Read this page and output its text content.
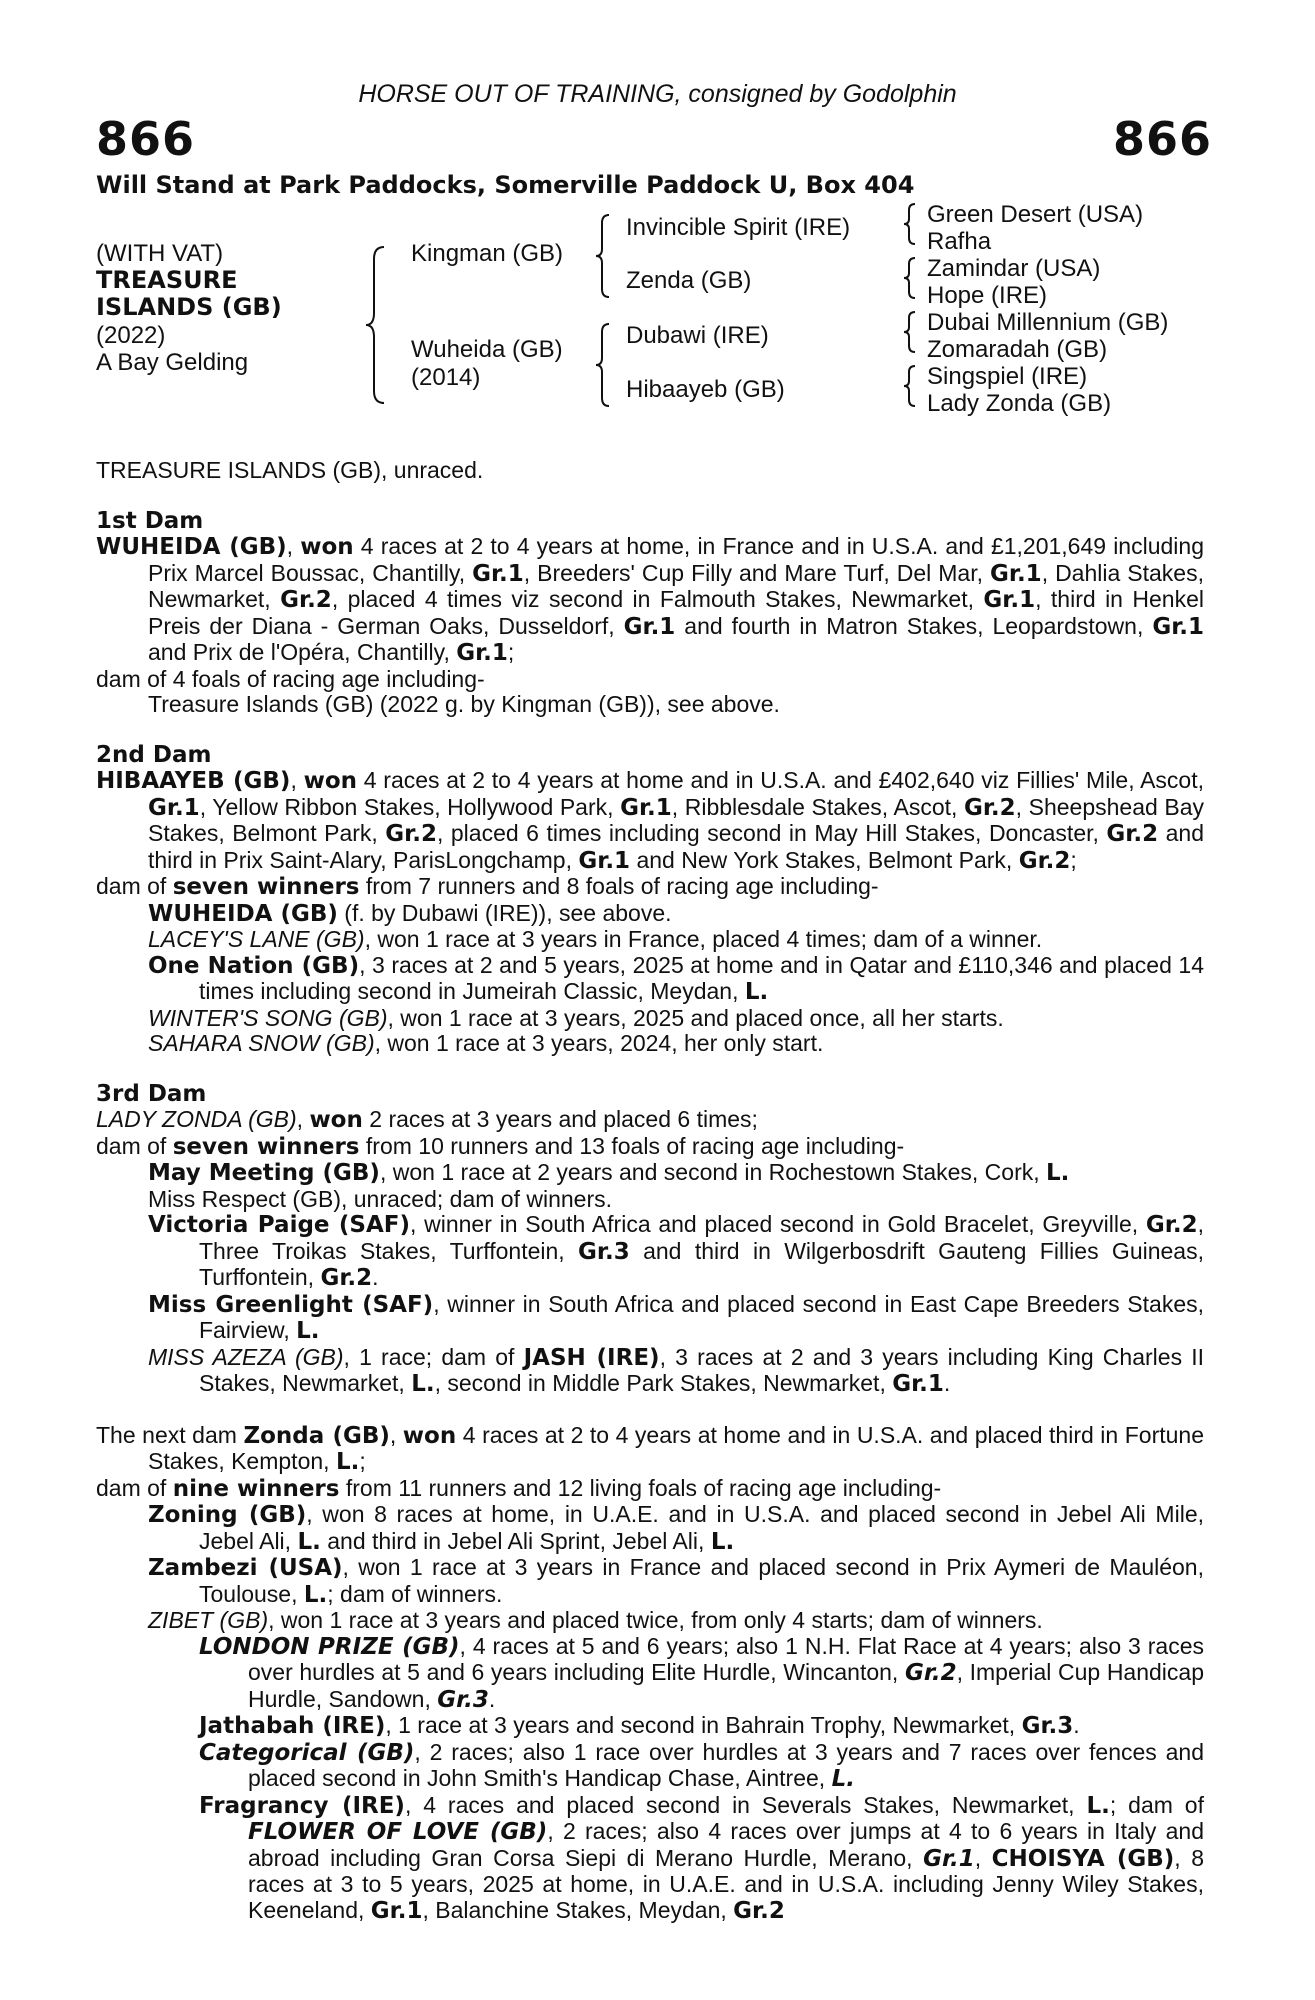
HORSE OUT OF TRAINING, consigned by Godolphin
866	866
Will Stand at Park Paddocks, Somerville Paddock U, Box 404
(WITH VAT)
TREASURE
ISLANDS (GB)
(2022)
A Bay Gelding
Kingman (GB)
Wuheida (GB)
(2014)
Invincible Spirit (IRE)
Zenda (GB)
Dubawi (IRE)
Hibaayeb (GB)
Green Desert (USA)
Rafha
Zamindar (USA)
Hope (IRE)
Dubai Millennium (GB)
Zomaradah (GB)
Singspiel (IRE)
Lady Zonda (GB)

TREASURE ISLANDS (GB), unraced.

1st Dam

WUHEIDA (GB), won 4 races at 2 to 4 years at home, in France and in U.S.A. and £1,201,649 including Prix Marcel Boussac, Chantilly, Gr.1, Breeders' Cup Filly and Mare Turf, Del Mar, Gr.1, Dahlia Stakes, Newmarket, Gr.2, placed 4 times viz second in Falmouth Stakes, Newmarket, Gr.1, third in Henkel Preis der Diana - German Oaks, Dusseldorf, Gr.1 and fourth in Matron Stakes, Leopardstown, Gr.1 and Prix de l'Opéra, Chantilly, Gr.1;

dam of 4 foals of racing age including-

Treasure Islands (GB) (2022 g. by Kingman (GB)), see above.

2nd Dam

HIBAAYEB (GB), won 4 races at 2 to 4 years at home and in U.S.A. and £402,640 viz Fillies' Mile, Ascot, Gr.1, Yellow Ribbon Stakes, Hollywood Park, Gr.1, Ribblesdale Stakes, Ascot, Gr.2, Sheepshead Bay Stakes, Belmont Park, Gr.2, placed 6 times including second in May Hill Stakes, Doncaster, Gr.2 and third in Prix Saint-Alary, ParisLongchamp, Gr.1 and New York Stakes, Belmont Park, Gr.2;

dam of seven winners from 7 runners and 8 foals of racing age including-

WUHEIDA (GB) (f. by Dubawi (IRE)), see above.

LACEY'S LANE (GB), won 1 race at 3 years in France, placed 4 times; dam of a winner.

One Nation (GB), 3 races at 2 and 5 years, 2025 at home and in Qatar and £110,346 and placed 14 times including second in Jumeirah Classic, Meydan, L.

WINTER'S SONG (GB), won 1 race at 3 years, 2025 and placed once, all her starts.

SAHARA SNOW (GB), won 1 race at 3 years, 2024, her only start.

3rd Dam

LADY ZONDA (GB), won 2 races at 3 years and placed 6 times;

dam of seven winners from 10 runners and 13 foals of racing age including-

May Meeting (GB), won 1 race at 2 years and second in Rochestown Stakes, Cork, L.

Miss Respect (GB), unraced; dam of winners.

Victoria Paige (SAF), winner in South Africa and placed second in Gold Bracelet, Greyville, Gr.2, Three Troikas Stakes, Turffontein, Gr.3 and third in Wilgerbosdrift Gauteng Fillies Guineas, Turffontein, Gr.2.

Miss Greenlight (SAF), winner in South Africa and placed second in East Cape Breeders Stakes, Fairview, L.

MISS AZEZA (GB), 1 race; dam of JASH (IRE), 3 races at 2 and 3 years including King Charles II Stakes, Newmarket, L., second in Middle Park Stakes, Newmarket, Gr.1.

The next dam Zonda (GB), won 4 races at 2 to 4 years at home and in U.S.A. and placed third in Fortune Stakes, Kempton, L.;

dam of nine winners from 11 runners and 12 living foals of racing age including-

Zoning (GB), won 8 races at home, in U.A.E. and in U.S.A. and placed second in Jebel Ali Mile, Jebel Ali, L. and third in Jebel Ali Sprint, Jebel Ali, L.

Zambezi (USA), won 1 race at 3 years in France and placed second in Prix Aymeri de Mauléon, Toulouse, L.; dam of winners.

ZIBET (GB), won 1 race at 3 years and placed twice, from only 4 starts; dam of winners.

LONDON PRIZE (GB), 4 races at 5 and 6 years; also 1 N.H. Flat Race at 4 years; also 3 races over hurdles at 5 and 6 years including Elite Hurdle, Wincanton, Gr.2, Imperial Cup Handicap Hurdle, Sandown, Gr.3.

Jathabah (IRE), 1 race at 3 years and second in Bahrain Trophy, Newmarket, Gr.3.

Categorical (GB), 2 races; also 1 race over hurdles at 3 years and 7 races over fences and placed second in John Smith's Handicap Chase, Aintree, L.

Fragrancy (IRE), 4 races and placed second in Severals Stakes, Newmarket, L.; dam of FLOWER OF LOVE (GB), 2 races; also 4 races over jumps at 4 to 6 years in Italy and abroad including Gran Corsa Siepi di Merano Hurdle, Merano, Gr.1, CHOISYA (GB), 8 races at 3 to 5 years, 2025 at home, in U.A.E. and in U.S.A. including Jenny Wiley Stakes, Keeneland, Gr.1, Balanchine Stakes, Meydan, Gr.2
